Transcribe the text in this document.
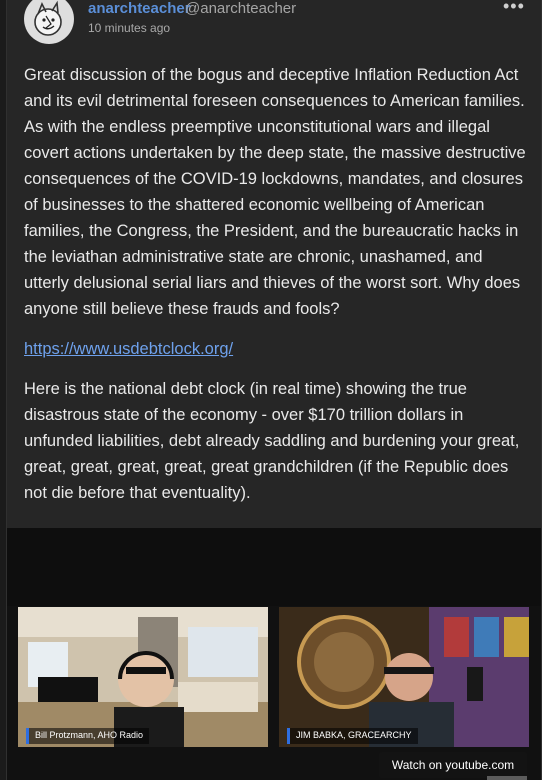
anarchteacher
@anarchteacher
10 minutes ago
•••

Great discussion of the bogus and deceptive Inflation Reduction Act and its evil detrimental foreseen consequences to American families. As with the endless preemptive unconstitutional wars and illegal covert actions undertaken by the deep state, the massive destructive consequences of the COVID-19 lockdowns, mandates, and closures of businesses to the shattered economic wellbeing of American families, the Congress, the President, and the bureaucratic hacks in the leviathan administrative state are chronic, unashamed, and utterly delusional serial liars and thieves of the worst sort. Why does anyone still believe these frauds and fools?

https://www.usdebtclock.org/

Here is the national debt clock (in real time) showing the true disastrous state of the economy - over $170 trillion dollars in unfunded liabilities, debt already saddling and burdening your great, great, great, great, great, great grandchildren (if the Republic does not die before that eventuality).

Bill Protzmann, AHO Radio	JIM BABKA, GRACEARCHY
Watch on youtube.com
